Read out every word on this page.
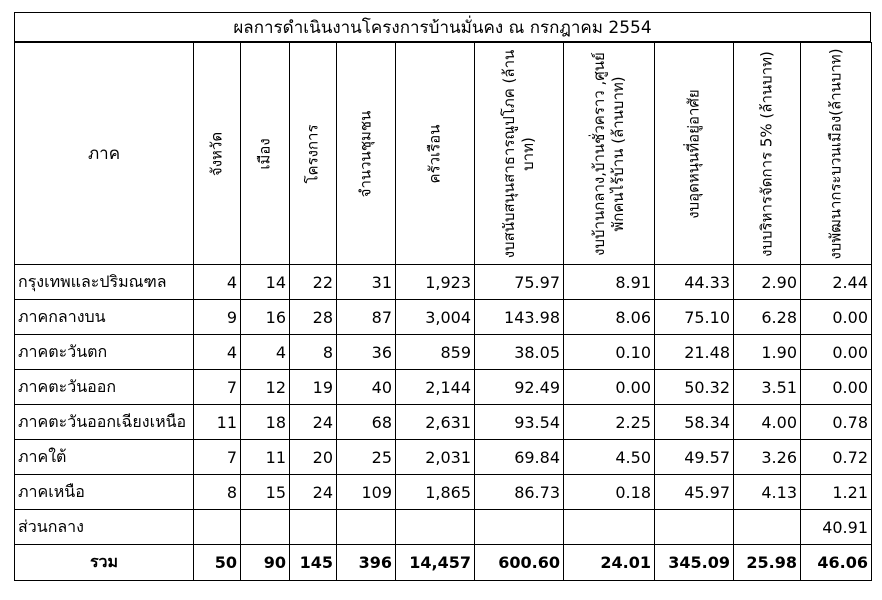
ผลการดำเนินงานโครงการบ้านมั่นคง ณ กรกฎาคม 2554
ภาค	จังหวัด	เมือง	โครงการ	จำนวนชุมชน	ครัวเรือน	งบสนับสนุนสาธารณูปโภค (ล้านบาท)	งบบ้านกลาง,บ้านชั่วคราว ,ศูนย์พักคนไร้บ้าน (ล้านบาท)	งบอุดหนุนที่อยู่อาศัย	งบบริหารจัดการ 5% (ล้านบาท)	งบพัฒนากระบวนเมือง(ล้านบาท)

กรุงเทพและปริมณฑล	4	14	22	31	1,923	75.97	8.91	44.33	2.90	2.44
ภาคกลางบน	9	16	28	87	3,004	143.98	8.06	75.10	6.28	0.00
ภาคตะวันตก	4	4	8	36	859	38.05	0.10	21.48	1.90	0.00
ภาคตะวันออก	7	12	19	40	2,144	92.49	0.00	50.32	3.51	0.00
ภาคตะวันออกเฉียงเหนือ	11	18	24	68	2,631	93.54	2.25	58.34	4.00	0.78
ภาคใต้	7	11	20	25	2,031	69.84	4.50	49.57	3.26	0.72
ภาคเหนือ	8	15	24	109	1,865	86.73	0.18	45.97	4.13	1.21
ส่วนกลาง										40.91
รวม	50	90	145	396	14,457	600.60	24.01	345.09	25.98	46.06
